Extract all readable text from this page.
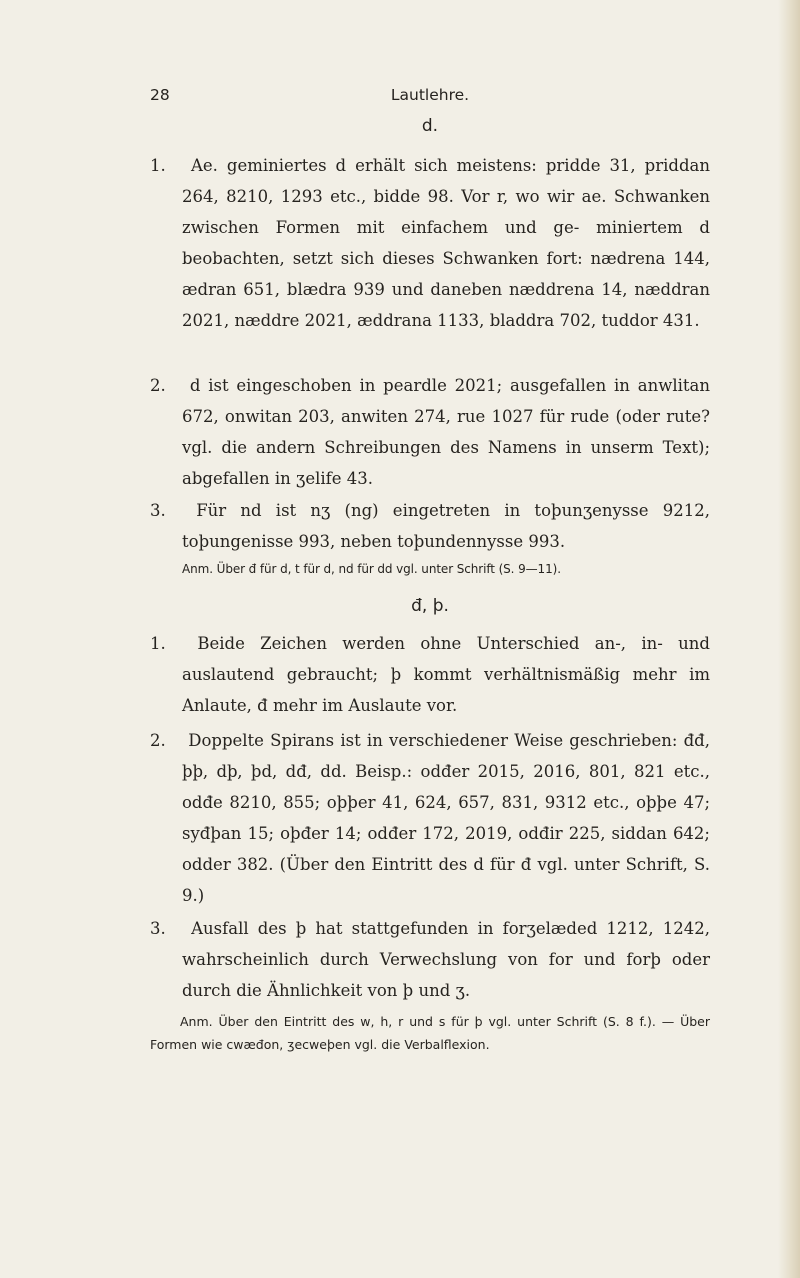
28	Lautlehre.
d.
1. Ae. geminiertes d erhält sich meistens: pridde 31, priddan 264, 8210, 1293 etc., bidde 98. Vor r, wo wir ae. Schwanken zwischen Formen mit einfachem und ge- miniertem d beobachten, setzt sich dieses Schwanken fort: nædrena 144, ædran 651, blædra 939 und daneben næddrena 14, næddran 2021, næddre 2021, æddrana 1133, bladdra 702, tuddor 431.
2. d ist eingeschoben in peardle 2021; ausgefallen in anwlitan 672, onwitan 203, anwiten 274, rue 1027 für rude (oder rute? vgl. die andern Schreibungen des Namens in unserm Text); abgefallen in ʒelife 43.
3. Für nd ist nʒ (ng) eingetreten in toþunʒenysse 9212, toþungenisse 993, neben toþundennysse 993.
Anm. Über đ für d, t für d, nd für dd vgl. unter Schrift (S. 9—11).
đ, þ.
1. Beide Zeichen werden ohne Unterschied an-, in- und auslautend gebraucht; þ kommt verhältnismäßig mehr im Anlaute, đ mehr im Auslaute vor.
2. Doppelte Spirans ist in verschiedener Weise geschrieben: đđ, þþ, dþ, þd, dđ, dd. Beisp.: odđer 2015, 2016, 801, 821 etc., odđe 8210, 855; oþþer 41, 624, 657, 831, 9312 etc., oþþe 47; syđþan 15; oþđer 14; odđer 172, 2019, odđir 225, siddan 642; odder 382. (Über den Eintritt des d für đ vgl. unter Schrift, S. 9.)
3. Ausfall des þ hat stattgefunden in forʒelæded 1212, 1242, wahrscheinlich durch Verwechslung von for und forþ oder durch die Ähnlichkeit von þ und ʒ.
Anm. Über den Eintritt des w, h, r und s für þ vgl. unter Schrift (S. 8 f.). — Über Formen wie cwæđon, ʒecweþen vgl. die Verbalflexion.
